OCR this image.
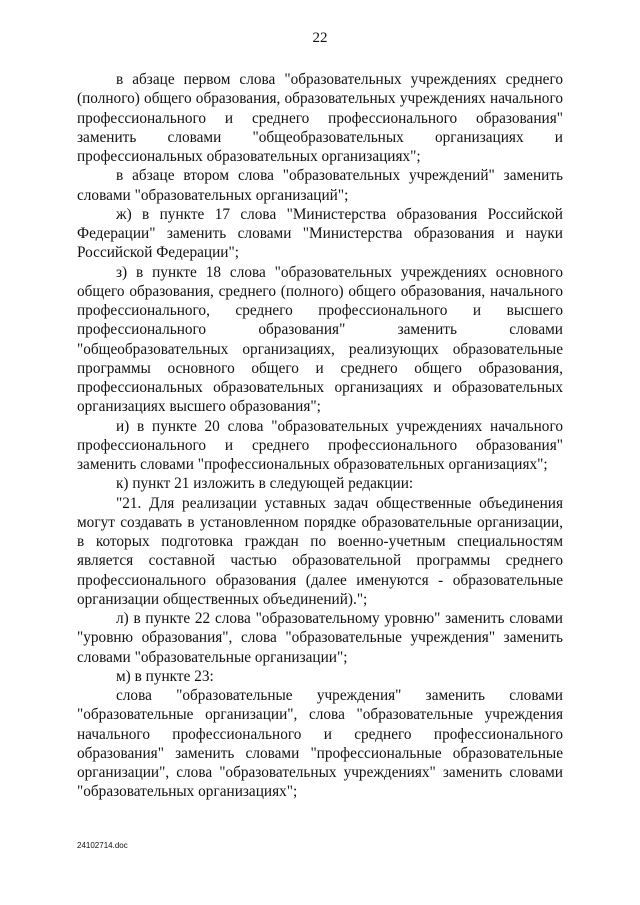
22

в абзаце первом слова "образовательных учреждениях среднего (полного) общего образования, образовательных учреждениях начального профессионального и среднего профессионального образования" заменить словами "общеобразовательных организациях и профессиональных образовательных организациях";

в абзаце втором слова "образовательных учреждений" заменить словами "образовательных организаций";

ж) в пункте 17 слова "Министерства образования Российской Федерации" заменить словами "Министерства образования и науки Российской Федерации";

з) в пункте 18 слова "образовательных учреждениях основного общего образования, среднего (полного) общего образования, начального профессионального, среднего профессионального и высшего профессионального образования" заменить словами "общеобразовательных организациях, реализующих образовательные программы основного общего и среднего общего образования, профессиональных образовательных организациях и образовательных организациях высшего образования";

и) в пункте 20 слова "образовательных учреждениях начального профессионального и среднего профессионального образования" заменить словами "профессиональных образовательных организациях";

к) пункт 21 изложить в следующей редакции:

"21. Для реализации уставных задач общественные объединения могут создавать в установленном порядке образовательные организации, в которых подготовка граждан по военно-учетным специальностям является составной частью образовательной программы среднего профессионального образования (далее именуются - образовательные организации общественных объединений).";

л) в пункте 22 слова "образовательному уровню" заменить словами "уровню образования", слова "образовательные учреждения" заменить словами "образовательные организации";

м) в пункте 23:

слова "образовательные учреждения" заменить словами "образовательные организации", слова "образовательные учреждения начального профессионального и среднего профессионального образования" заменить словами "профессиональные образовательные организации", слова "образовательных учреждениях" заменить словами "образовательных организациях";

24102714.doc
